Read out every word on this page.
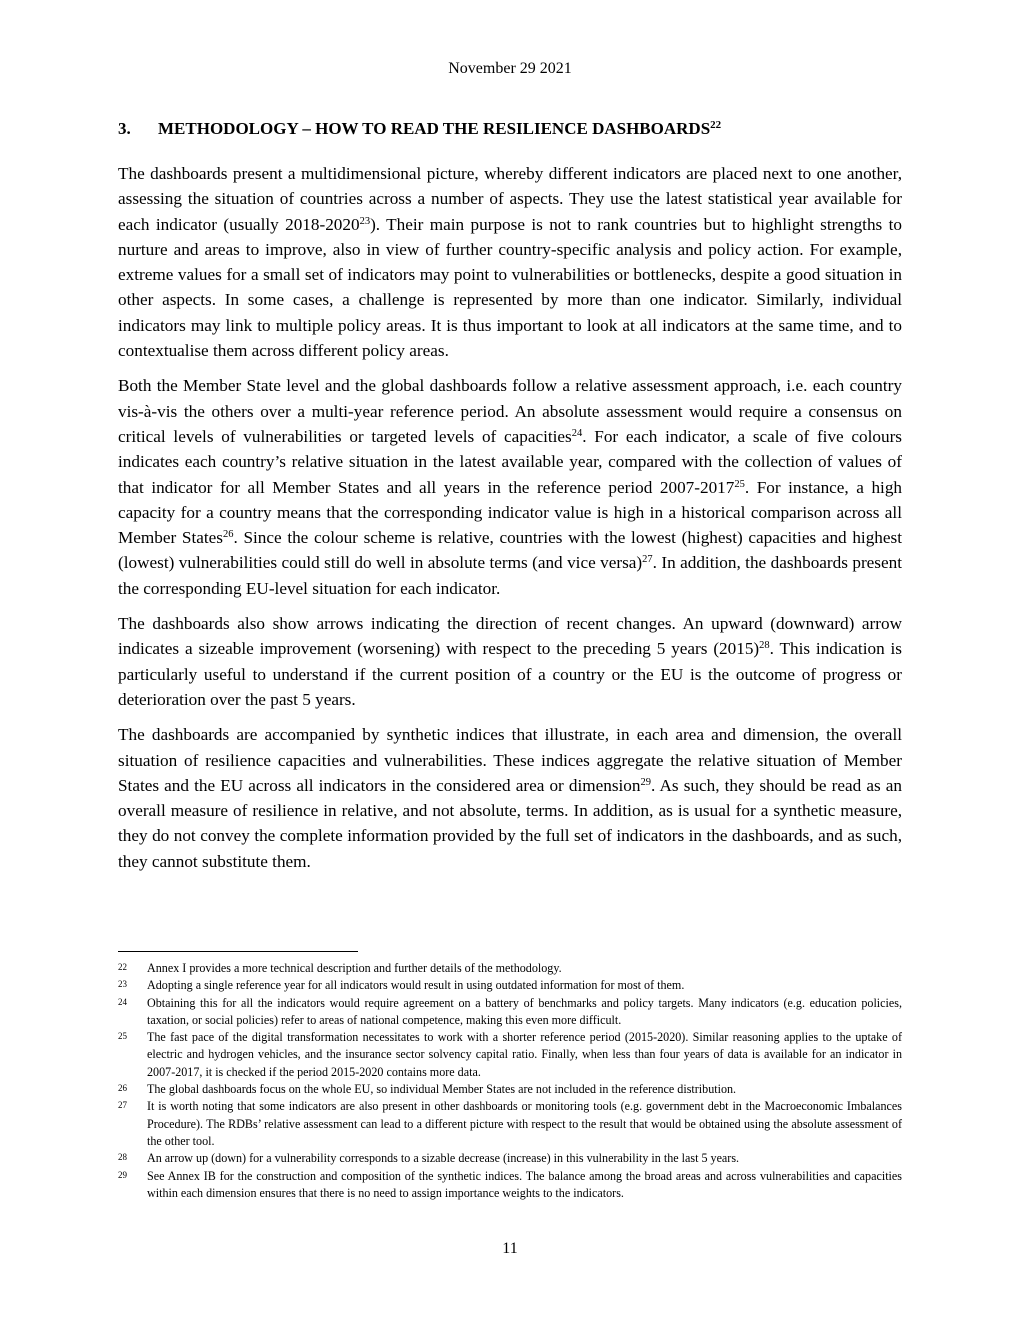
November 29 2021
3. METHODOLOGY – HOW TO READ THE RESILIENCE DASHBOARDS$^{22}$

The dashboards present a multidimensional picture, whereby different indicators are placed next to one another, assessing the situation of countries across a number of aspects. They use the latest statistical year available for each indicator (usually 2018-2020$^{23}$). Their main purpose is not to rank countries but to highlight strengths to nurture and areas to improve, also in view of further country-specific analysis and policy action. For example, extreme values for a small set of indicators may point to vulnerabilities or bottlenecks, despite a good situation in other aspects. In some cases, a challenge is represented by more than one indicator. Similarly, individual indicators may link to multiple policy areas. It is thus important to look at all indicators at the same time, and to contextualise them across different policy areas.

Both the Member State level and the global dashboards follow a relative assessment approach, i.e. each country vis-à-vis the others over a multi-year reference period. An absolute assessment would require a consensus on critical levels of vulnerabilities or targeted levels of capacities$^{24}$. For each indicator, a scale of five colours indicates each country’s relative situation in the latest available year, compared with the collection of values of that indicator for all Member States and all years in the reference period 2007-2017$^{25}$. For instance, a high capacity for a country means that the corresponding indicator value is high in a historical comparison across all Member States$^{26}$. Since the colour scheme is relative, countries with the lowest (highest) capacities and highest (lowest) vulnerabilities could still do well in absolute terms (and vice versa)$^{27}$. In addition, the dashboards present the corresponding EU-level situation for each indicator.

The dashboards also show arrows indicating the direction of recent changes. An upward (downward) arrow indicates a sizeable improvement (worsening) with respect to the preceding 5 years $(2015)^{28}$. This indication is particularly useful to understand if the current position of a country or the EU is the outcome of progress or deterioration over the past 5 years.

The dashboards are accompanied by synthetic indices that illustrate, in each area and dimension, the overall situation of resilience capacities and vulnerabilities. These indices aggregate the relative situation of Member States and the EU across all indicators in the considered area or dimension$^{29}$. As such, they should be read as an overall measure of resilience in relative, and not absolute, terms. In addition, as is usual for a synthetic measure, they do not convey the complete information provided by the full set of indicators in the dashboards, and as such, they cannot substitute them.

22	Annex I provides a more technical description and further details of the methodology.
23	Adopting a single reference year for all indicators would result in using outdated information for most of them.
24	Obtaining this for all the indicators would require agreement on a battery of benchmarks and policy targets. Many indicators (e.g. education policies, taxation, or social policies) refer to areas of national competence, making this even more difficult.
25	The fast pace of the digital transformation necessitates to work with a shorter reference period (2015-2020). Similar reasoning applies to the uptake of electric and hydrogen vehicles, and the insurance sector solvency capital ratio. Finally, when less than four years of data is available for an indicator in 2007-2017, it is checked if the period 2015-2020 contains more data.
26	The global dashboards focus on the whole EU, so individual Member States are not included in the reference distribution.
27	It is worth noting that some indicators are also present in other dashboards or monitoring tools (e.g. government debt in the Macroeconomic Imbalances Procedure). The RDBs’ relative assessment can lead to a different picture with respect to the result that would be obtained using the absolute assessment of the other tool.
28	An arrow up (down) for a vulnerability corresponds to a sizable decrease (increase) in this vulnerability in the last 5 years.
29	See Annex IB for the construction and composition of the synthetic indices. The balance among the broad areas and across vulnerabilities and capacities within each dimension ensures that there is no need to assign importance weights to the indicators.
11
